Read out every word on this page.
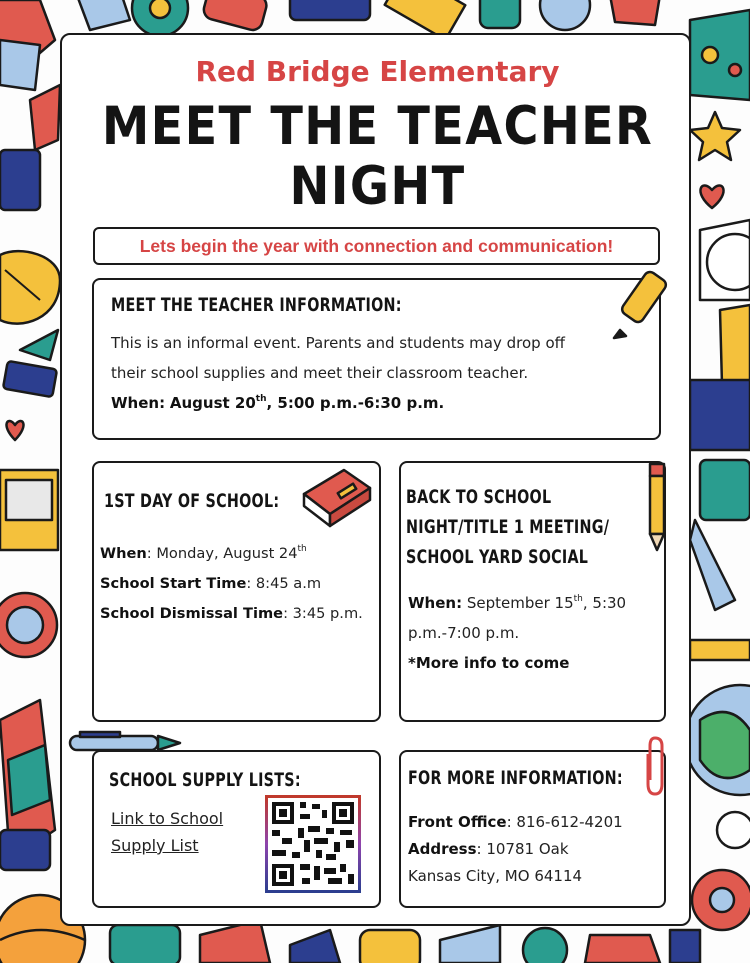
Red Bridge Elementary
MEET THE TEACHER
NIGHT
Lets begin the year with connection and communication!
MEET THE TEACHER INFORMATION:
This is an informal event. Parents and students may drop off
their school supplies and meet their classroom teacher.
When: August 20th, 5:00 p.m.-6:30 p.m.
1ST DAY OF SCHOOL:
When: Monday, August 24th
School Start Time: 8:45 a.m
School Dismissal Time: 3:45 p.m.
BACK TO SCHOOL
NIGHT/TITLE 1 MEETING/
SCHOOL YARD SOCIAL
When: September 15th, 5:30
p.m.-7:00 p.m.
*More info to come
SCHOOL SUPPLY LISTS:
Link to School
Supply List
FOR MORE INFORMATION:
Front Office: 816-612-4201
Address: 10781 Oak
Kansas City, MO 64114
